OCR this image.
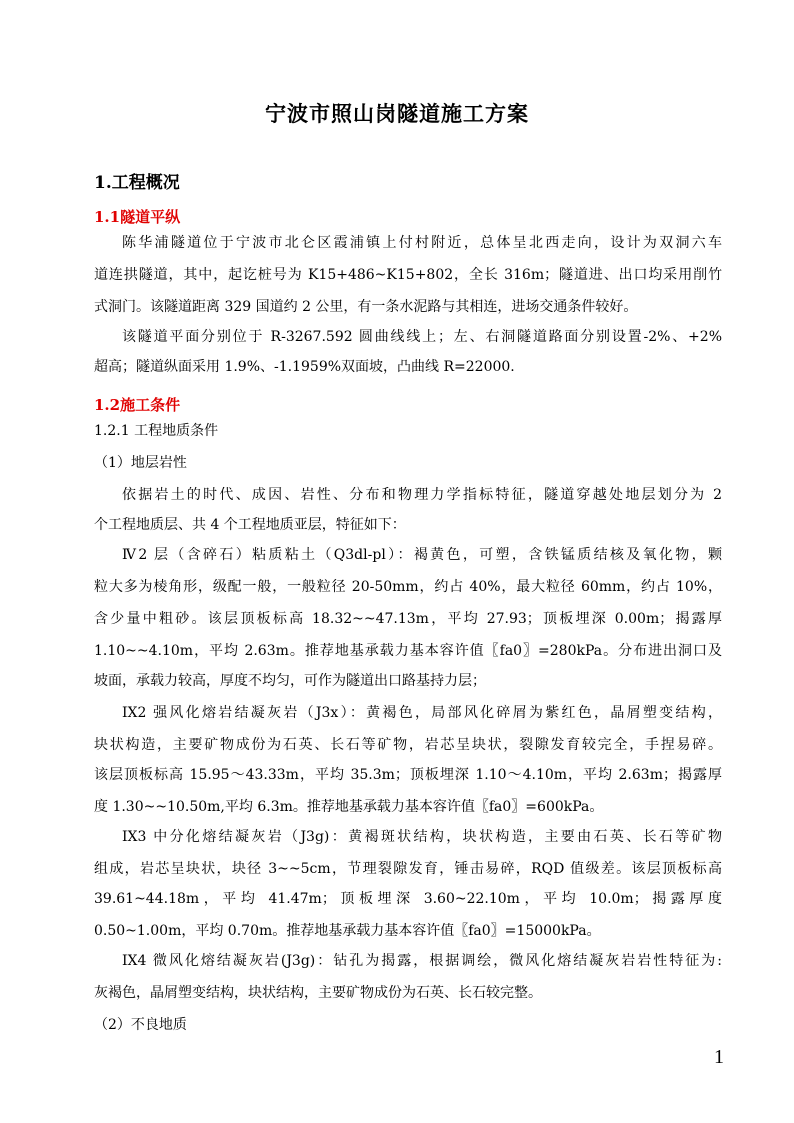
宁波市照山岗隧道施工方案
1.工程概况
1.1隧道平纵
陈华浦隧道位于宁波市北仑区霞浦镇上付村附近，总体呈北西走向，设计为双洞六车
道连拱隧道，其中，起讫桩号为 K15+486~K15+802，全长 316m；隧道进、出口均采用削竹
式洞门。该隧道距离 329 国道约 2 公里，有一条水泥路与其相连，进场交通条件较好。
该隧道平面分别位于 R-3267.592 圆曲线线上；左、右洞隧道路面分别设置-2%、+2%
超高；隧道纵面采用 1.9%、-1.1959%双面坡，凸曲线 R=22000.
1.2施工条件
1.2.1 工程地质条件
（1）地层岩性
依据岩土的时代、成因、岩性、分布和物理力学指标特征，隧道穿越处地层划分为 2
个工程地质层、共 4 个工程地质亚层，特征如下：
Ⅳ2 层（含碎石）粘质粘土（Q3dl-pl）：褐黄色，可塑，含铁锰质结核及氧化物，颗
粒大多为棱角形，级配一般，一般粒径 20-50mm，约占 40%，最大粒径 60mm，约占 10%，
含少量中粗砂。该层顶板标高 18.32~~47.13m，平均 27.93；顶板埋深 0.00m；揭露厚
1.10~~4.10m，平均 2.63m。推荐地基承载力基本容许值〖fa0〗=280kPa。分布进出洞口及
坡面，承载力较高，厚度不均匀，可作为隧道出口路基持力层；
IX2 强风化熔岩结凝灰岩（J3x）：黄褐色，局部风化碎屑为紫红色，晶屑塑变结构，
块状构造，主要矿物成份为石英、长石等矿物，岩芯呈块状，裂隙发育较完全，手捏易碎。
该层顶板标高 15.95～43.33m，平均 35.3m；顶板埋深 1.10～4.10m，平均 2.63m；揭露厚
度 1.30~~10.50m,平均 6.3m。推荐地基承载力基本容许值〖fa0〗=600kPa。
IX3 中分化熔结凝灰岩（J3g)：黄褐斑状结构，块状构造，主要由石英、长石等矿物
组成，岩芯呈块状，块径 3~~5cm，节理裂隙发育，锤击易碎，RQD 值级差。该层顶板标高
39.61~44.18m，平均 41.47m；顶板埋深 3.60~22.10m，平均 10.0m；揭露厚度
0.50~1.00m，平均 0.70m。推荐地基承载力基本容许值〖fa0〗=15000kPa。
IX4 微风化熔结凝灰岩(J3g)：钻孔为揭露，根据调绘，微风化熔结凝灰岩岩性特征为:
灰褐色，晶屑塑变结构，块状结构，主要矿物成份为石英、长石较完整。
（2）不良地质
1
